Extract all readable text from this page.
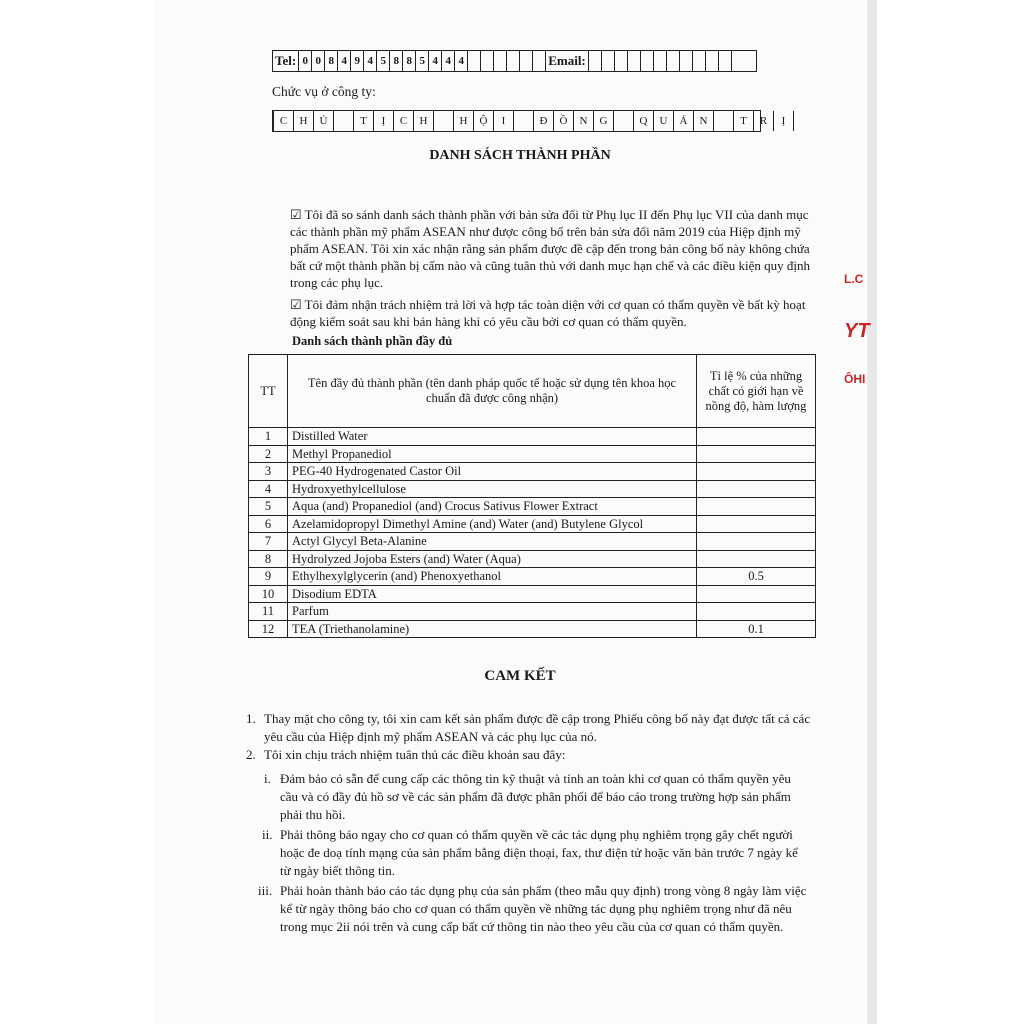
L.C
YT
ÔHI
Tel: 0 0 8 4 9 4 5 8 8 5 4 4 4	Email:
Chức vụ ở công ty:
C	H	Ủ	T	Ị	C	H	H	Ộ	I	Đ	Ồ	N	G	Q	U	Ả	N	T	R	Ị
DANH SÁCH THÀNH PHẦN
☑ Tôi đã so sánh danh sách thành phần với bản sửa đổi từ Phụ lục II đến Phụ lục VII của danh mục các thành phần mỹ phẩm ASEAN như được công bố trên bản sửa đổi năm 2019 của Hiệp định mỹ phẩm ASEAN. Tôi xin xác nhận rằng sản phẩm được đề cập đến trong bản công bố này không chứa bất cứ một thành phần bị cấm nào và cũng tuân thủ với danh mục hạn chế và các điều kiện quy định trong các phụ lục.
☑ Tôi đảm nhận trách nhiệm trả lời và hợp tác toàn diện với cơ quan có thẩm quyền về bất kỳ hoạt động kiểm soát sau khi bán hàng khi có yêu cầu bởi cơ quan có thẩm quyền.
Danh sách thành phần đầy đủ
TT	Tên đầy đủ thành phần (tên danh pháp quốc tế hoặc sử dụng tên khoa học chuẩn đã được công nhận)	Tỉ lệ % của những chất có giới hạn về nồng độ, hàm lượng
1	Distilled Water	
2	Methyl Propanediol	
3	PEG-40 Hydrogenated Castor Oil	
4	Hydroxyethylcellulose	
5	Aqua (and) Propanediol (and) Crocus Sativus Flower Extract	
6	Azelamidopropyl Dimethyl Amine (and) Water (and) Butylene Glycol	
7	Actyl Glycyl Beta-Alanine	
8	Hydrolyzed Jojoba Esters (and) Water (Aqua)	
9	Ethylhexylglycerin (and) Phenoxyethanol	0.5
10	Disodium EDTA	
11	Parfum	
12	TEA (Triethanolamine)	0.1
CAM KẾT
1. Thay mặt cho công ty, tôi xin cam kết sản phẩm được đề cập trong Phiếu công bố này đạt được tất cả các yêu cầu của Hiệp định mỹ phẩm ASEAN và các phụ lục của nó.
2. Tôi xin chịu trách nhiệm tuân thủ các điều khoản sau đây:
i. Đảm bảo có sẵn để cung cấp các thông tin kỹ thuật và tính an toàn khi cơ quan có thẩm quyền yêu cầu và có đầy đủ hồ sơ về các sản phẩm đã được phân phối để báo cáo trong trường hợp sản phẩm phải thu hồi.
ii. Phải thông báo ngay cho cơ quan có thẩm quyền về các tác dụng phụ nghiêm trọng gây chết người hoặc đe doạ tính mạng của sản phẩm bằng điện thoại, fax, thư điện tử hoặc văn bản trước 7 ngày kể từ ngày biết thông tin.
iii. Phải hoàn thành báo cáo tác dụng phụ của sản phẩm (theo mẫu quy định) trong vòng 8 ngày làm việc kể từ ngày thông báo cho cơ quan có thẩm quyền về những tác dụng phụ nghiêm trọng như đã nêu trong mục 2ii nói trên và cung cấp bất cứ thông tin nào theo yêu cầu của cơ quan có thẩm quyền.
